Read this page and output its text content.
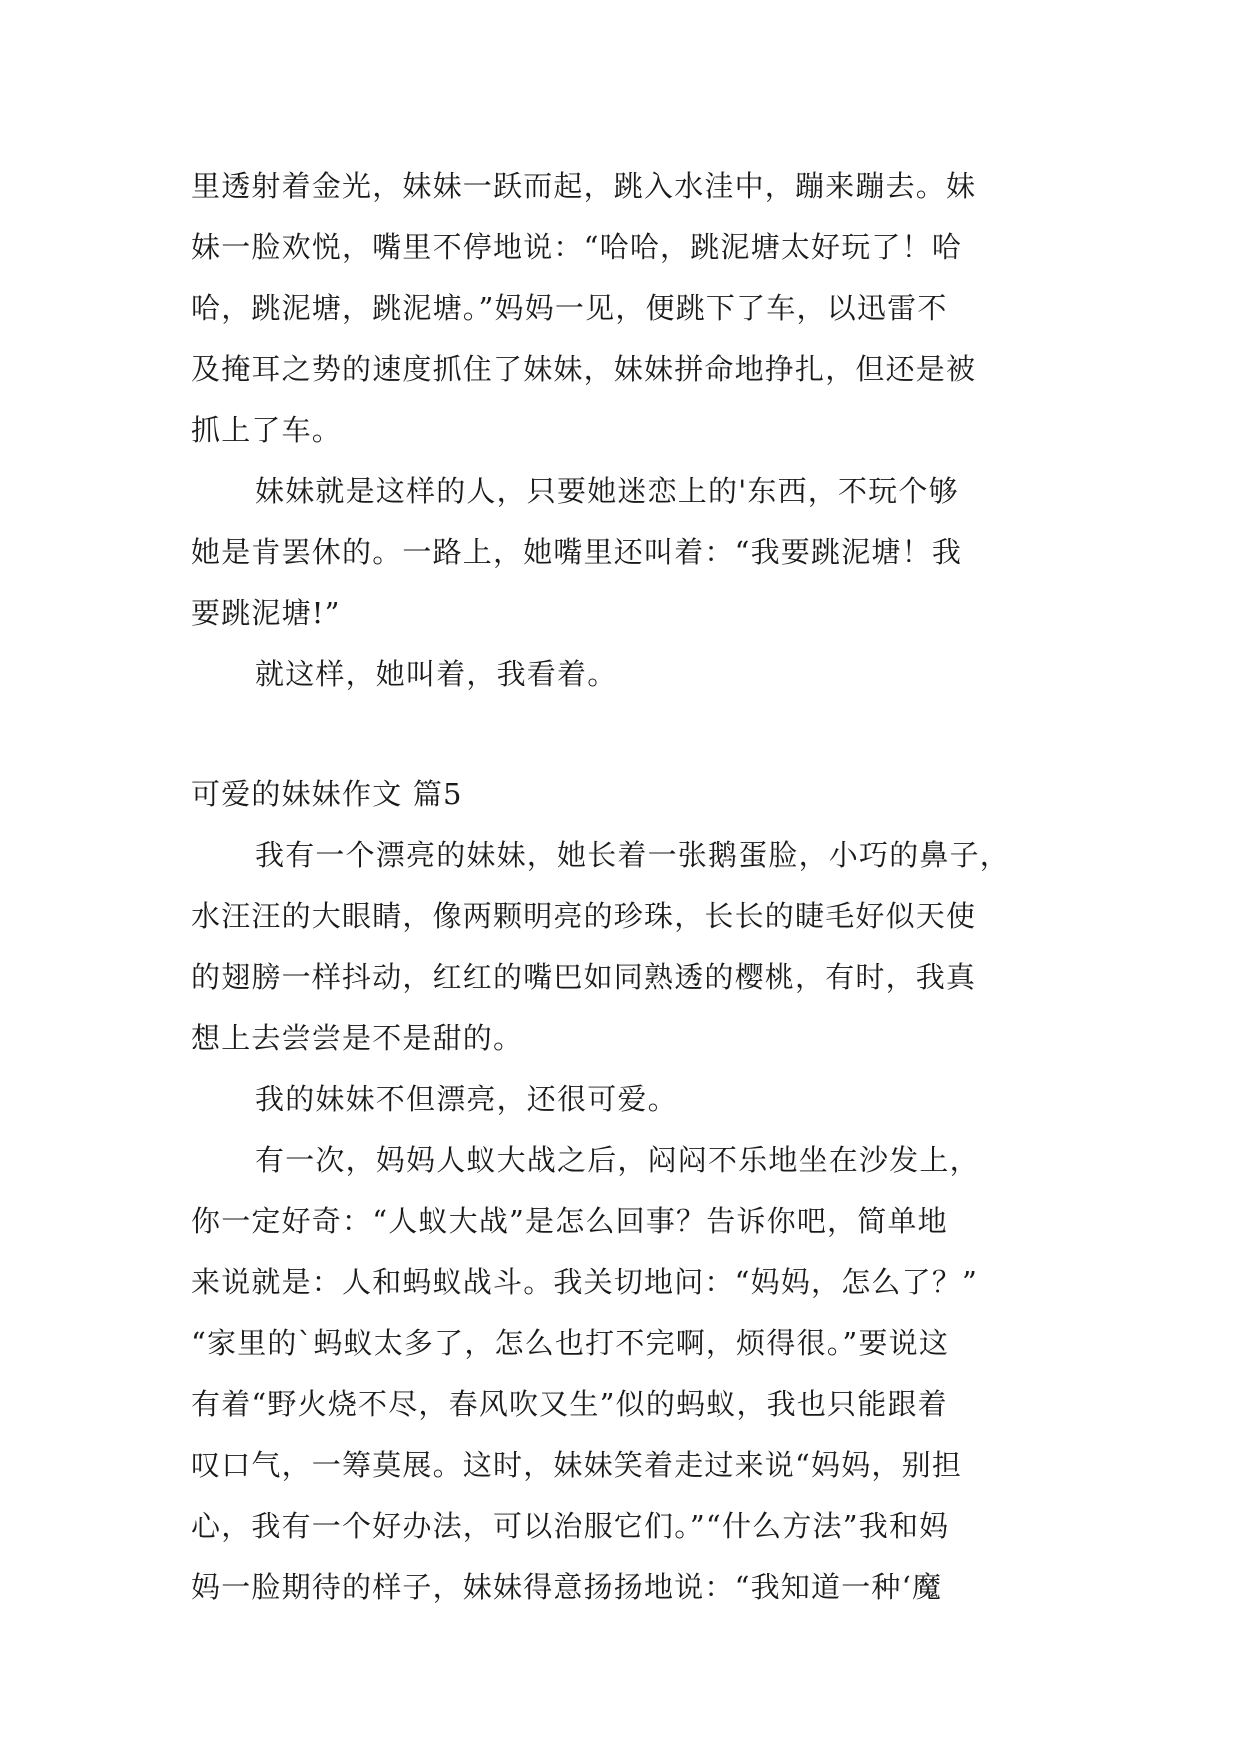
里透射着金光，妹妹一跃而起，跳入水洼中，蹦来蹦去。妹
妹一脸欢悦，嘴里不停地说：“哈哈，跳泥塘太好玩了！哈
哈，跳泥塘，跳泥塘。”妈妈一见，便跳下了车，以迅雷不
及掩耳之势的速度抓住了妹妹，妹妹拼命地挣扎，但还是被
抓上了车。
妹妹就是这样的人，只要她迷恋上的'东西，不玩个够
她是肯罢休的。一路上，她嘴里还叫着：“我要跳泥塘！我
要跳泥塘!”
就这样，她叫着，我看着。
可爱的妹妹作文 篇5
我有一个漂亮的妹妹，她长着一张鹅蛋脸，小巧的鼻子，
水汪汪的大眼睛，像两颗明亮的珍珠，长长的睫毛好似天使
的翅膀一样抖动，红红的嘴巴如同熟透的樱桃，有时，我真
想上去尝尝是不是甜的。
我的妹妹不但漂亮，还很可爱。
有一次，妈妈人蚁大战之后，闷闷不乐地坐在沙发上，
你一定好奇：“人蚁大战”是怎么回事？告诉你吧，简单地
来说就是：人和蚂蚁战斗。我关切地问：“妈妈，怎么了？”
“家里的`蚂蚁太多了，怎么也打不完啊，烦得很。”要说这
有着“野火烧不尽，春风吹又生”似的蚂蚁，我也只能跟着
叹口气，一筹莫展。这时，妹妹笑着走过来说“妈妈，别担
心，我有一个好办法，可以治服它们。”“什么方法”我和妈
妈一脸期待的样子，妹妹得意扬扬地说：“我知道一种‘魔
